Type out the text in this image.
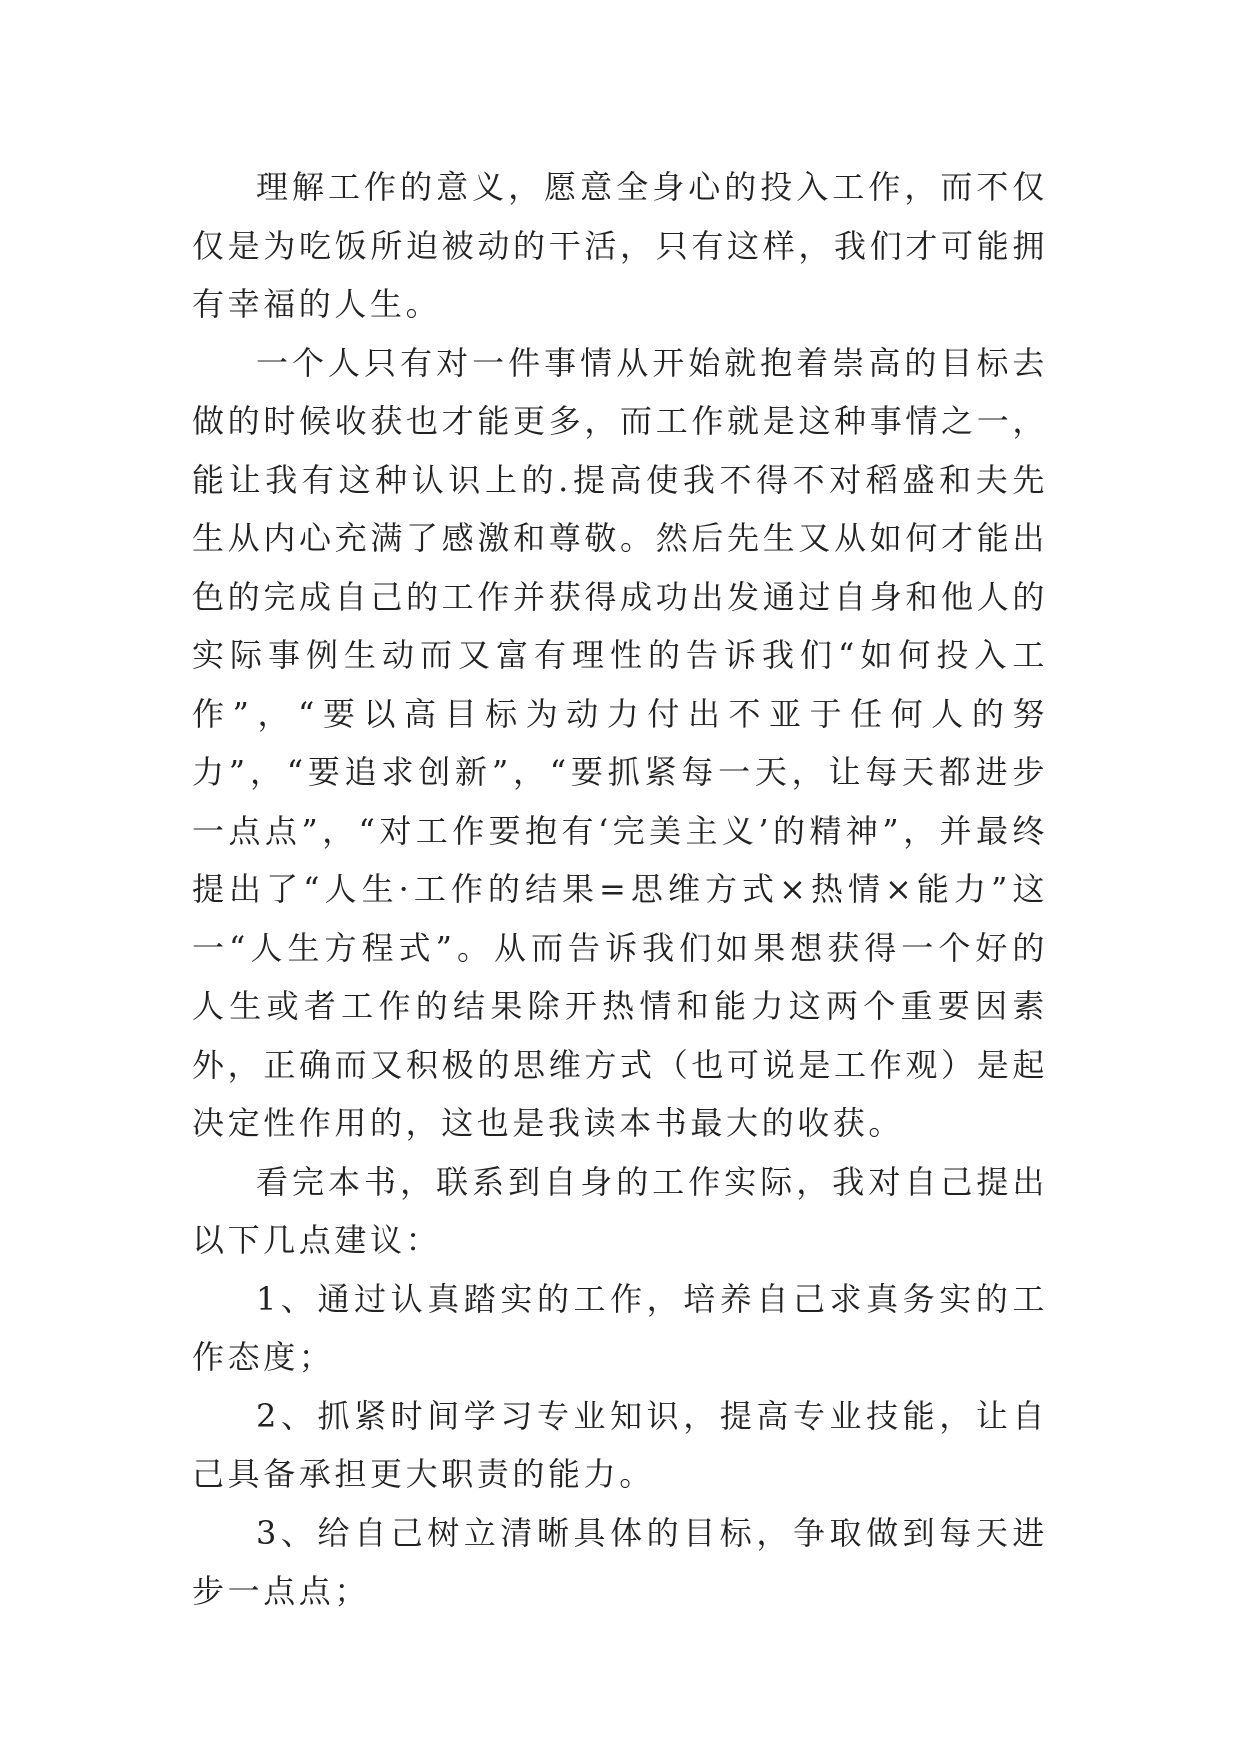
理解工作的意义，愿意全身心的投入工作，而不仅仅是为吃饭所迫被动的干活，只有这样，我们才可能拥有幸福的人生。

一个人只有对一件事情从开始就抱着崇高的目标去做的时候收获也才能更多，而工作就是这种事情之一，能让我有这种认识上的.提高使我不得不对稻盛和夫先生从内心充满了感激和尊敬。然后先生又从如何才能出色的完成自己的工作并获得成功出发通过自身和他人的实际事例生动而又富有理性的告诉我们“如何投入工作”，“要以高目标为动力付出不亚于任何人的努力”，“要追求创新”，“要抓紧每一天，让每天都进步一点点”，“对工作要抱有‘完美主义’的精神”，并最终提出了“人生·工作的结果=思维方式×热情×能力”这一“人生方程式”。从而告诉我们如果想获得一个好的人生或者工作的结果除开热情和能力这两个重要因素外，正确而又积极的思维方式（也可说是工作观）是起决定性作用的，这也是我读本书最大的收获。

看完本书，联系到自身的工作实际，我对自己提出以下几点建议：

1、通过认真踏实的工作，培养自己求真务实的工作态度；

2、抓紧时间学习专业知识，提高专业技能，让自己具备承担更大职责的能力。

3、给自己树立清晰具体的目标，争取做到每天进步一点点；
